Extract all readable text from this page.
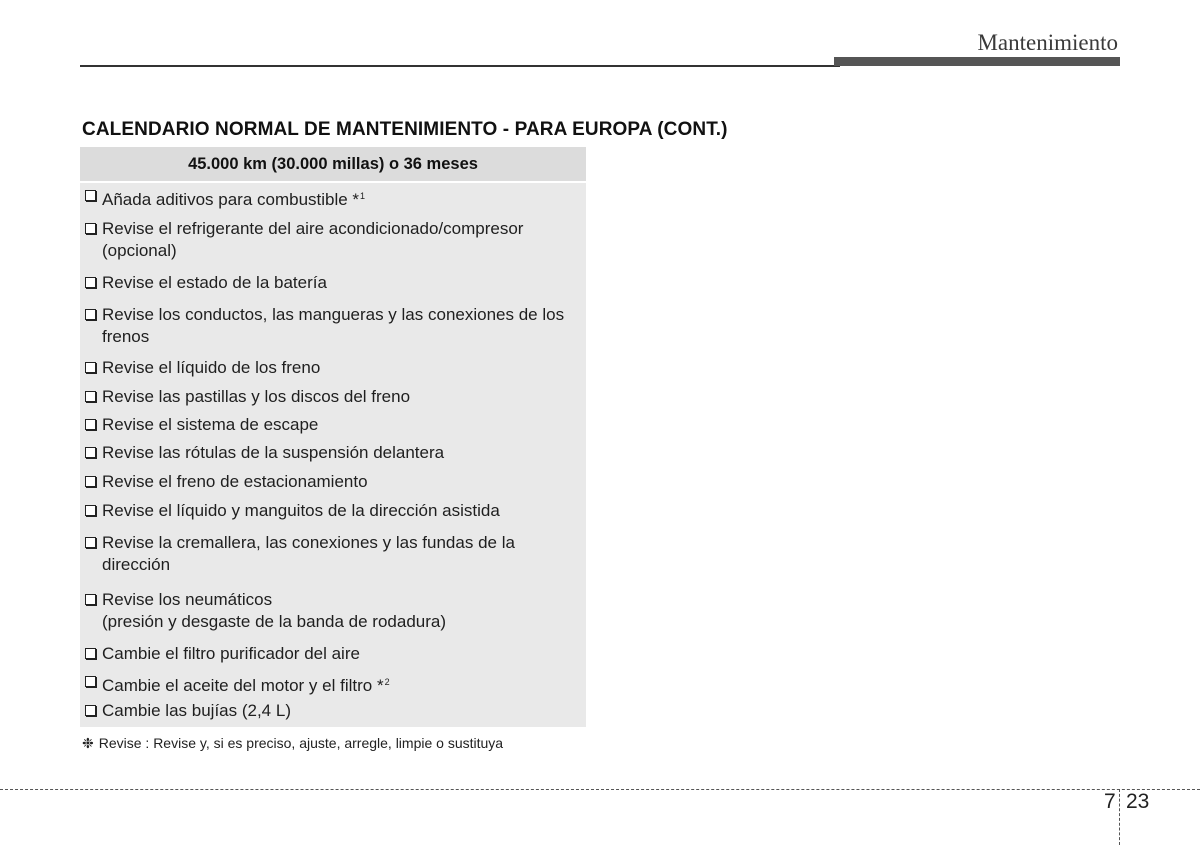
Mantenimiento
CALENDARIO NORMAL DE MANTENIMIENTO - PARA EUROPA (CONT.)
45.000 km (30.000 millas) o 36 meses
Añada aditivos para combustible *$^1$
Revise el refrigerante del aire acondicionado/compresor (opcional)
Revise el estado de la batería
Revise los conductos, las mangueras y las conexiones de los frenos
Revise el líquido de los freno
Revise las pastillas y los discos del freno
Revise el sistema de escape
Revise las rótulas de la suspensión delantera
Revise el freno de estacionamiento
Revise el líquido y manguitos de la dirección asistida
Revise la cremallera, las conexiones y las fundas de la dirección
Revise los neumáticos
(presión y desgaste de la banda de rodadura)
Cambie el filtro purificador del aire
Cambie el aceite del motor y el filtro *$^2$
Cambie las bujías (2,4 L)
❉ Revise : Revise y, si es preciso, ajuste, arregle, limpie o sustituya
7 23
